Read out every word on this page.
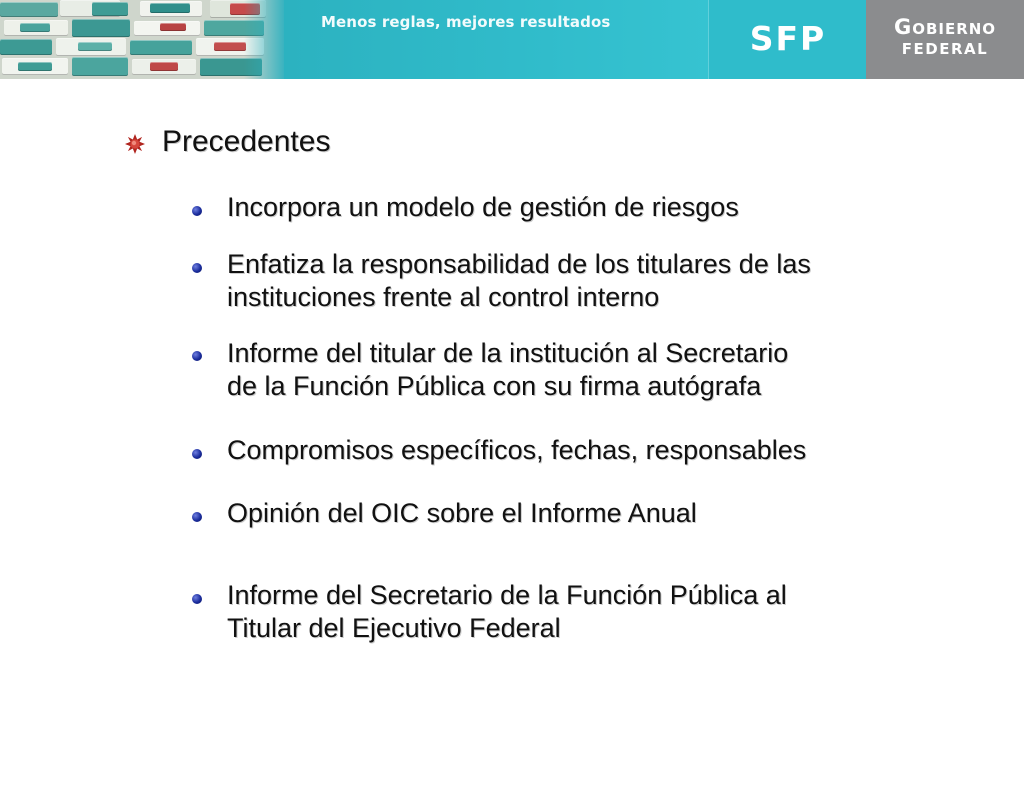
Menos reglas, mejores resultados	SFP	GOBIERNO
FEDERAL
Precedentes
Incorpora un modelo de gestión de riesgos
Enfatiza la responsabilidad de los titulares de las
instituciones frente al control interno
Informe del titular de la institución al Secretario
de la Función Pública con su firma autógrafa
Compromisos específicos, fechas, responsables
Opinión del OIC sobre el Informe Anual
Informe del Secretario de la Función Pública al
Titular del Ejecutivo Federal
